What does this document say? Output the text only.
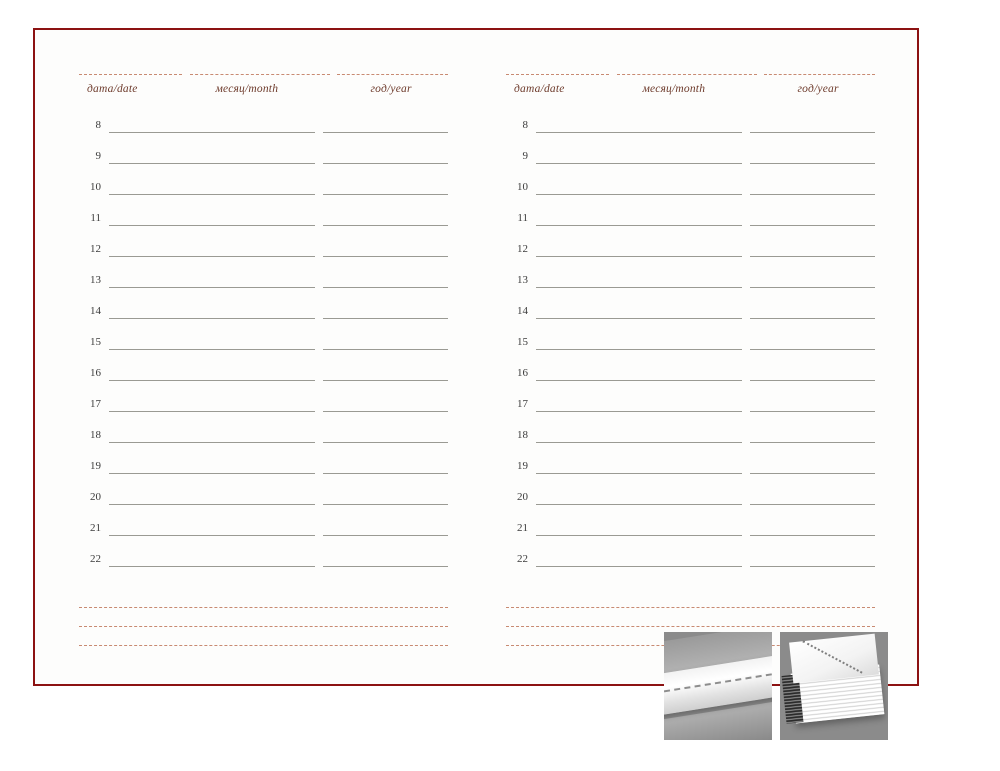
дата/date	месяц/month	год/year
8
9
10
11
12
13
14
15
16
17
18
19
20
21
22
дата/date	месяц/month	год/year
8
9
10
11
12
13
14
15
16
17
18
19
20
21
22
